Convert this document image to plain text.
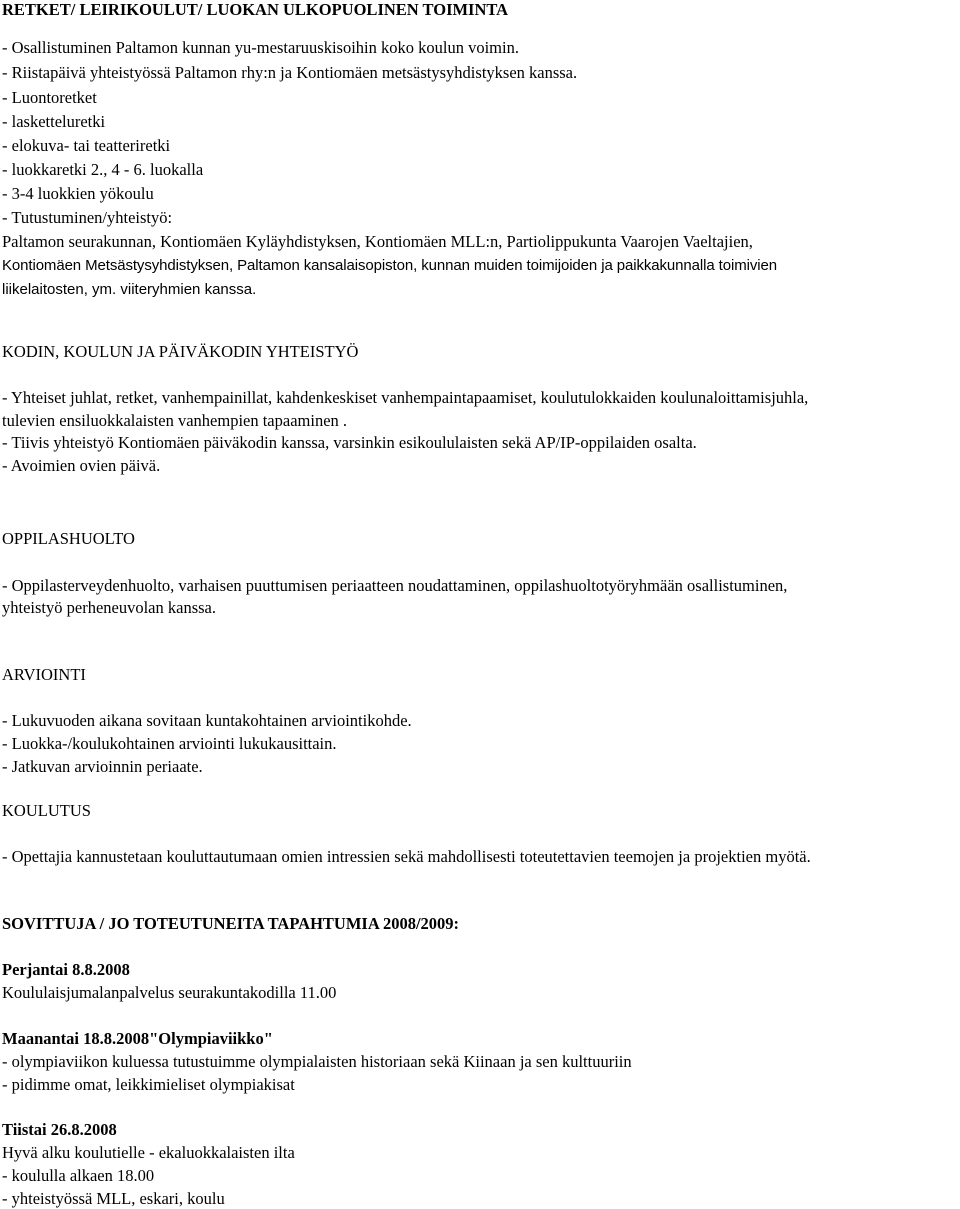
RETKET/ LEIRIKOULUT/ LUOKAN ULKOPUOLINEN TOIMINTA
- Osallistuminen Paltamon kunnan yu-mestaruuskisoihin koko koulun voimin.
- Riistapäivä yhteistyössä Paltamon rhy:n ja Kontiomäen metsästysyhdistyksen kanssa.
- Luontoretket
- lasketteluretki
- elokuva- tai teatteriretki
- luokkaretki 2., 4 - 6. luokalla
- 3-4 luokkien yökoulu
- Tutustuminen/yhteistyö:
Paltamon seurakunnan, Kontiomäen Kyläyhdistyksen, Kontiomäen MLL:n, Partiolippukunta Vaarojen Vaeltajien,
Kontiomäen Metsästysyhdistyksen, Paltamon kansalaisopiston, kunnan muiden toimijoiden ja paikkakunnalla toimivien
liikelaitosten, ym. viiteryhmien kanssa.
KODIN, KOULUN JA PÄIVÄKODIN YHTEISTYÖ
- Yhteiset juhlat, retket, vanhempainillat, kahdenkeskiset vanhempaintapaamiset, koulutulokkaiden koulunaloittamisjuhla,
tulevien ensiluokkalaisten vanhempien tapaaminen .
- Tiivis yhteistyö Kontiomäen päiväkodin kanssa, varsinkin esikoululaisten sekä AP/IP-oppilaiden osalta.
- Avoimien ovien päivä.
OPPILASHUOLTO
- Oppilasterveydenhuolto, varhaisen puuttumisen periaatteen noudattaminen, oppilashuoltotyöryhmään osallistuminen,
yhteistyö perheneuvolan kanssa.
ARVIOINTI
- Lukuvuoden aikana sovitaan kuntakohtainen arviointikohde.
- Luokka-/koulukohtainen arviointi lukukausittain.
- Jatkuvan arvioinnin periaate.
KOULUTUS
- Opettajia kannustetaan kouluttautumaan omien intressien sekä mahdollisesti toteutettavien teemojen ja projektien myötä.
SOVITTUJA / JO TOTEUTUNEITA TAPAHTUMIA 2008/2009:
Perjantai 8.8.2008
Koululaisjumalanpalvelus seurakuntakodilla 11.00
Maanantai 18.8.2008"Olympiaviikko"
- olympiaviikon kuluessa tutustuimme olympialaisten historiaan sekä Kiinaan ja sen kulttuuriin
- pidimme omat, leikkimieliset olympiakisat
Tiistai 26.8.2008
Hyvä alku koulutielle - ekaluokkalaisten ilta
- koululla alkaen 18.00
- yhteistyössä MLL, eskari, koulu
